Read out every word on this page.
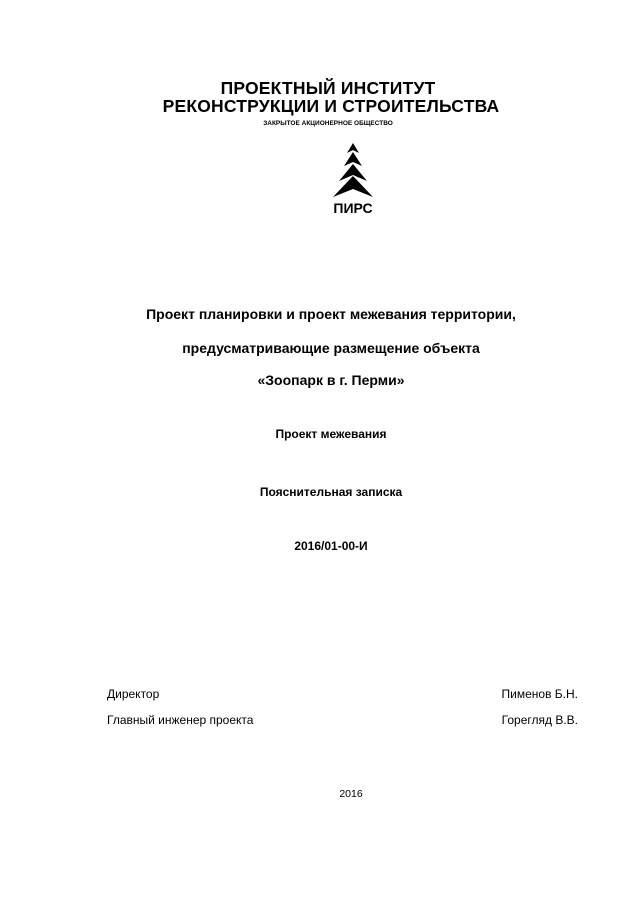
ПРОЕКТНЫЙ ИНСТИТУТ
РЕКОНСТРУКЦИИ И СТРОИТЕЛЬСТВА
ЗАКРЫТОЕ АКЦИОНЕРНОЕ ОБЩЕСТВО
ПИРС
Проект планировки и проект межевания территории,
предусматривающие размещение объекта
«Зоопарк в г. Перми»
Проект межевания
Пояснительная записка
2016/01-00-И
Директор	Пименов Б.Н.
Главный инженер проекта	Горегляд В.В.
2016
